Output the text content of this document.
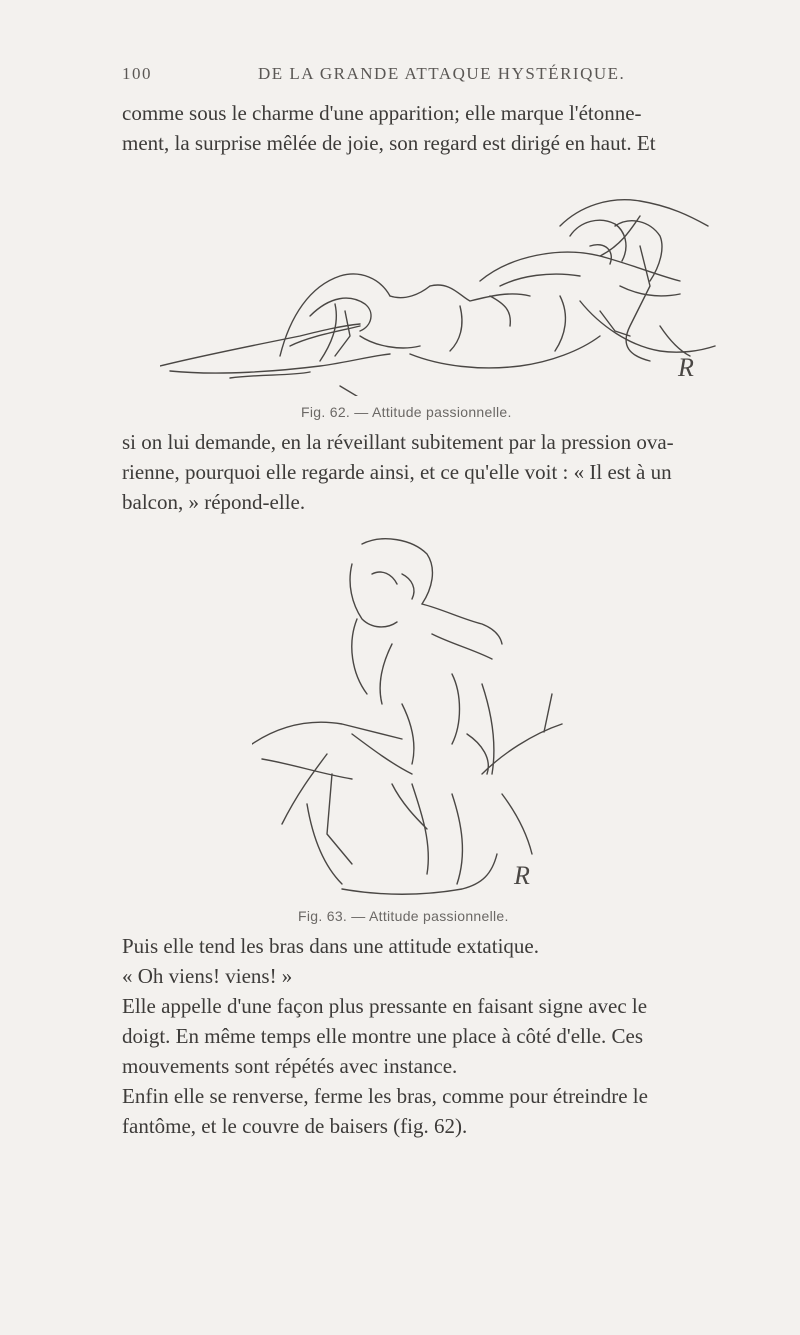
100	DE LA GRANDE ATTAQUE HYSTÉRIQUE.

comme sous le charme d'une apparition; elle marque l'étonne-
ment, la surprise mêlée de joie, son regard est dirigé en haut. Et

R
Fig. 62. — Attitude passionnelle.

si on lui demande, en la réveillant subitement par la pression ova-
rienne, pourquoi elle regarde ainsi, et ce qu'elle voit : « Il est à un
balcon, » répond-elle.

R
Fig. 63. — Attitude passionnelle.

Puis elle tend les bras dans une attitude extatique.
« Oh viens! viens! »

Elle appelle d'une façon plus pressante en faisant signe avec le
doigt. En même temps elle montre une place à côté d'elle. Ces
mouvements sont répétés avec instance.

Enfin elle se renverse, ferme les bras, comme pour étreindre le
fantôme, et le couvre de baisers (fig. 62).
